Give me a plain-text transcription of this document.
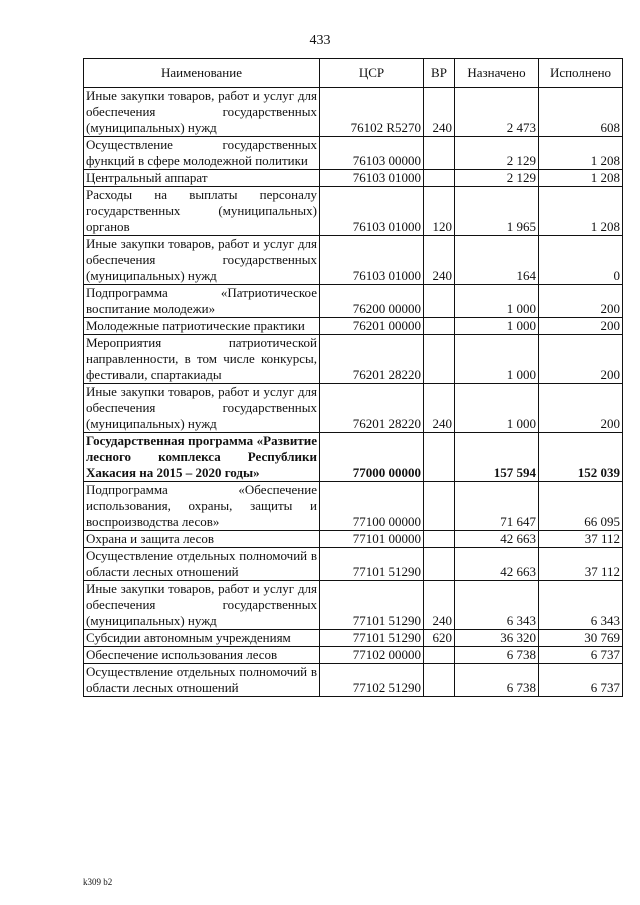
433
Наименование	ЦСР	ВР	Назначено	Исполнено
Иные закупки товаров, работ и услуг для обеспечения государственных (муниципальных) нужд	76102 R5270	240	2 473	608
Осуществление государственных функций в сфере молодежной политики	76103 00000		2 129	1 208
Центральный аппарат	76103 01000		2 129	1 208
Расходы на выплаты персоналу государственных (муниципальных) органов	76103 01000	120	1 965	1 208
Иные закупки товаров, работ и услуг для обеспечения государственных (муниципальных) нужд	76103 01000	240	164	0
Подпрограмма «Патриотическое воспитание молодежи»	76200 00000		1 000	200
Молодежные патриотические практики	76201 00000		1 000	200
Мероприятия патриотической направленности, в том числе конкурсы, фестивали, спартакиады	76201 28220		1 000	200
Иные закупки товаров, работ и услуг для обеспечения государственных (муниципальных) нужд	76201 28220	240	1 000	200
Государственная программа «Развитие лесного комплекса Республики Хакасия на 2015 – 2020 годы»	77000 00000		157 594	152 039
Подпрограмма «Обеспечение использования, охраны, защиты и воспроизводства лесов»	77100 00000		71 647	66 095
Охрана и защита лесов	77101 00000		42 663	37 112
Осуществление отдельных полномочий в области лесных отношений	77101 51290		42 663	37 112
Иные закупки товаров, работ и услуг для обеспечения государственных (муниципальных) нужд	77101 51290	240	6 343	6 343
Субсидии автономным учреждениям	77101 51290	620	36 320	30 769
Обеспечение использования лесов	77102 00000		6 738	6 737
Осуществление отдельных полномочий в области лесных отношений	77102 51290		6 738	6 737
k309 b2
